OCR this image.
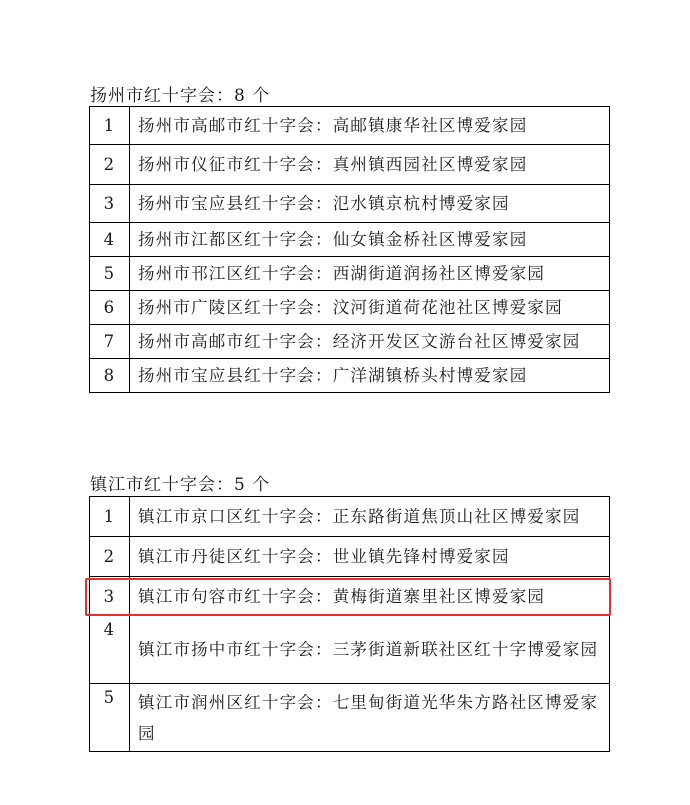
扬州市红十字会：8 个
1	扬州市高邮市红十字会：高邮镇康华社区博爱家园
2	扬州市仪征市红十字会：真州镇西园社区博爱家园
3	扬州市宝应县红十字会：氾水镇京杭村博爱家园
4	扬州市江都区红十字会：仙女镇金桥社区博爱家园
5	扬州市邗江区红十字会：西湖街道润扬社区博爱家园
6	扬州市广陵区红十字会：汶河街道荷花池社区博爱家园
7	扬州市高邮市红十字会：经济开发区文游台社区博爱家园
8	扬州市宝应县红十字会：广洋湖镇桥头村博爱家园
镇江市红十字会：5 个
1	镇江市京口区红十字会：正东路街道焦顶山社区博爱家园
2	镇江市丹徒区红十字会：世业镇先锋村博爱家园
3	镇江市句容市红十字会：黄梅街道寨里社区博爱家园
4	镇江市扬中市红十字会：三茅街道新联社区红十字博爱家园
5	镇江市润州区红十字会：七里甸街道光华朱方路社区博爱家园
